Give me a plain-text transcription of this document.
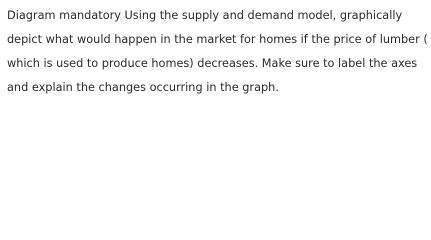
Diagram mandatory Using the supply and demand model, graphically
depict what would happen in the market for homes if the price of lumber (
which is used to produce homes) decreases. Make sure to label the axes
and explain the changes occurring in the graph.
